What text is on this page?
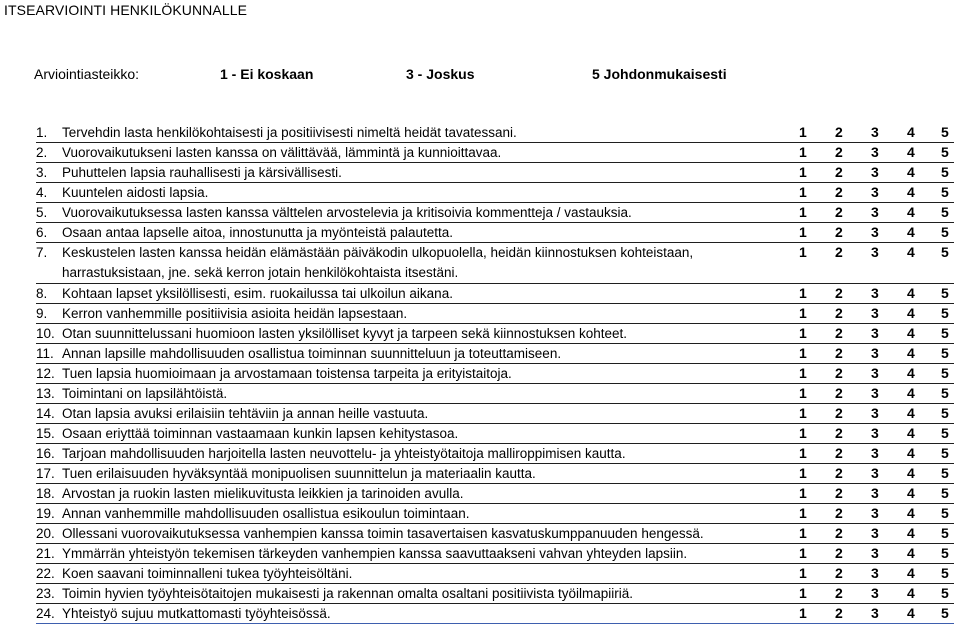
ITSEARVIOINTI HENKILÖKUNNALLE
Arviointiasteikko:	1 - Ei koskaan	3 - Joskus	5 Johdonmukaisesti
1. Tervehdin lasta henkilökohtaisesti ja positiivisesti nimeltä heidät tavatessani.	1 2 3 4 5
2. Vuorovaikutukseni lasten kanssa on välittävää, lämmintä ja kunnioittavaa.	1 2 3 4 5
3. Puhuttelen lapsia rauhallisesti ja kärsivällisesti.	1 2 3 4 5
4. Kuuntelen aidosti lapsia.	1 2 3 4 5
5. Vuorovaikutuksessa lasten kanssa välttelen arvostelevia ja kritisoivia kommentteja / vastauksia.	1 2 3 4 5
6. Osaan antaa lapselle aitoa, innostunutta ja myönteistä palautetta.	1 2 3 4 5
7. Keskustelen lasten kanssa heidän elämästään päiväkodin ulkopuolella, heidän kiinnostuksen kohteistaan,
harrastuksistaan, jne. sekä kerron jotain henkilökohtaista itsestäni.
1 2 3 4 5
8. Kohtaan lapset yksilöllisesti, esim. ruokailussa tai ulkoilun aikana.	1 2 3 4 5
9. Kerron vanhemmille positiivisia asioita heidän lapsestaan.	1 2 3 4 5
10. Otan suunnittelussani huomioon lasten yksilölliset kyvyt ja tarpeen sekä kiinnostuksen kohteet.	1 2 3 4 5
11. Annan lapsille mahdollisuuden osallistua toiminnan suunnitteluun ja toteuttamiseen.	1 2 3 4 5
12. Tuen lapsia huomioimaan ja arvostamaan toistensa tarpeita ja erityistaitoja.	1 2 3 4 5
13. Toimintani on lapsilähtöistä.	1 2 3 4 5
14. Otan lapsia avuksi erilaisiin tehtäviin ja annan heille vastuuta.	1 2 3 4 5
15. Osaan eriyttää toiminnan vastaamaan kunkin lapsen kehitystasoa.	1 2 3 4 5
16. Tarjoan mahdollisuuden harjoitella lasten neuvottelu- ja yhteistyötaitoja malliroppimisen kautta.	1 2 3 4 5
17. Tuen erilaisuuden hyväksyntää monipuolisen suunnittelun ja materiaalin kautta.	1 2 3 4 5
18. Arvostan ja ruokin lasten mielikuvitusta leikkien ja tarinoiden avulla.	1 2 3 4 5
19. Annan vanhemmille mahdollisuuden osallistua esikoulun toimintaan.	1 2 3 4 5
20. Ollessani vuorovaikutuksessa vanhempien kanssa toimin tasavertaisen kasvatuskumppanuuden hengessä.	1 2 3 4 5
21. Ymmärrän yhteistyön tekemisen tärkeyden vanhempien kanssa saavuttaakseni vahvan yhteyden lapsiin.	1 2 3 4 5
22. Koen saavani toiminnalleni tukea työyhteisöltäni.	1 2 3 4 5
23. Toimin hyvien työyhteisötaitojen mukaisesti ja rakennan omalta osaltani positiivista työilmapiiriä.	1 2 3 4 5
24. Yhteistyö sujuu mutkattomasti työyhteisössä.	1 2 3 4 5
